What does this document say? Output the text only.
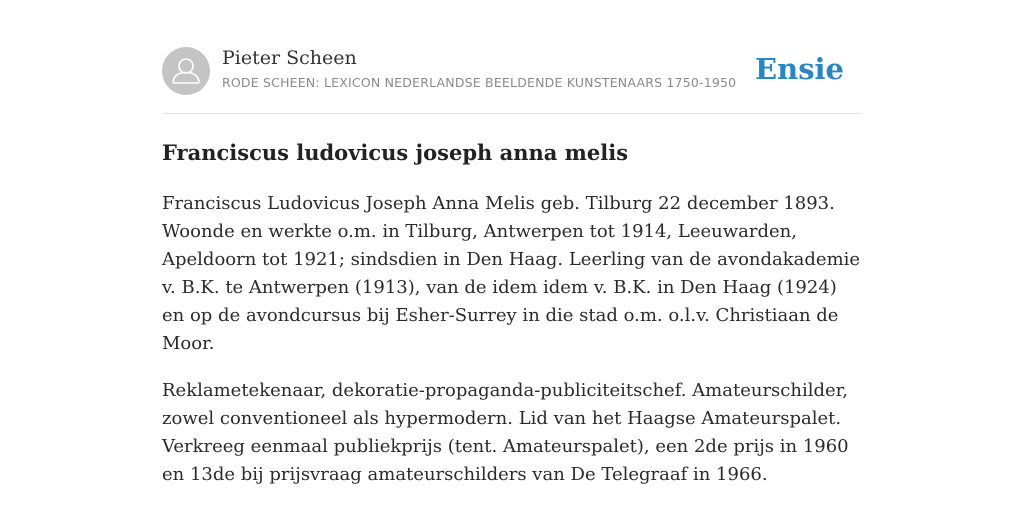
Pieter Scheen
RODE SCHEEN: LEXICON NEDERLANDSE BEELDENDE KUNSTENAARS 1750-1950 Ensie
Franciscus ludovicus joseph anna melis

Franciscus Ludovicus Joseph Anna Melis geb. Tilburg 22 december 1893. Woonde en werkte o.m. in Tilburg, Antwerpen tot 1914, Leeuwarden, Apeldoorn tot 1921; sindsdien in Den Haag. Leerling van de avondakademie v. B.K. te Antwerpen (1913), van de idem idem v. B.K. in Den Haag (1924) en op de avondcursus bij Esher-Surrey in die stad o.m. o.l.v. Christiaan de Moor.

Reklametekenaar, dekoratie-propaganda-publiciteitschef. Amateurschilder, zowel conventioneel als hypermodern. Lid van het Haagse Amateurspalet. Verkreeg eenmaal publiekprijs (tent. Amateurspalet), een 2de prijs in 1960 en 13de bij prijsvraag amateurschilders van De Telegraaf in 1966.
